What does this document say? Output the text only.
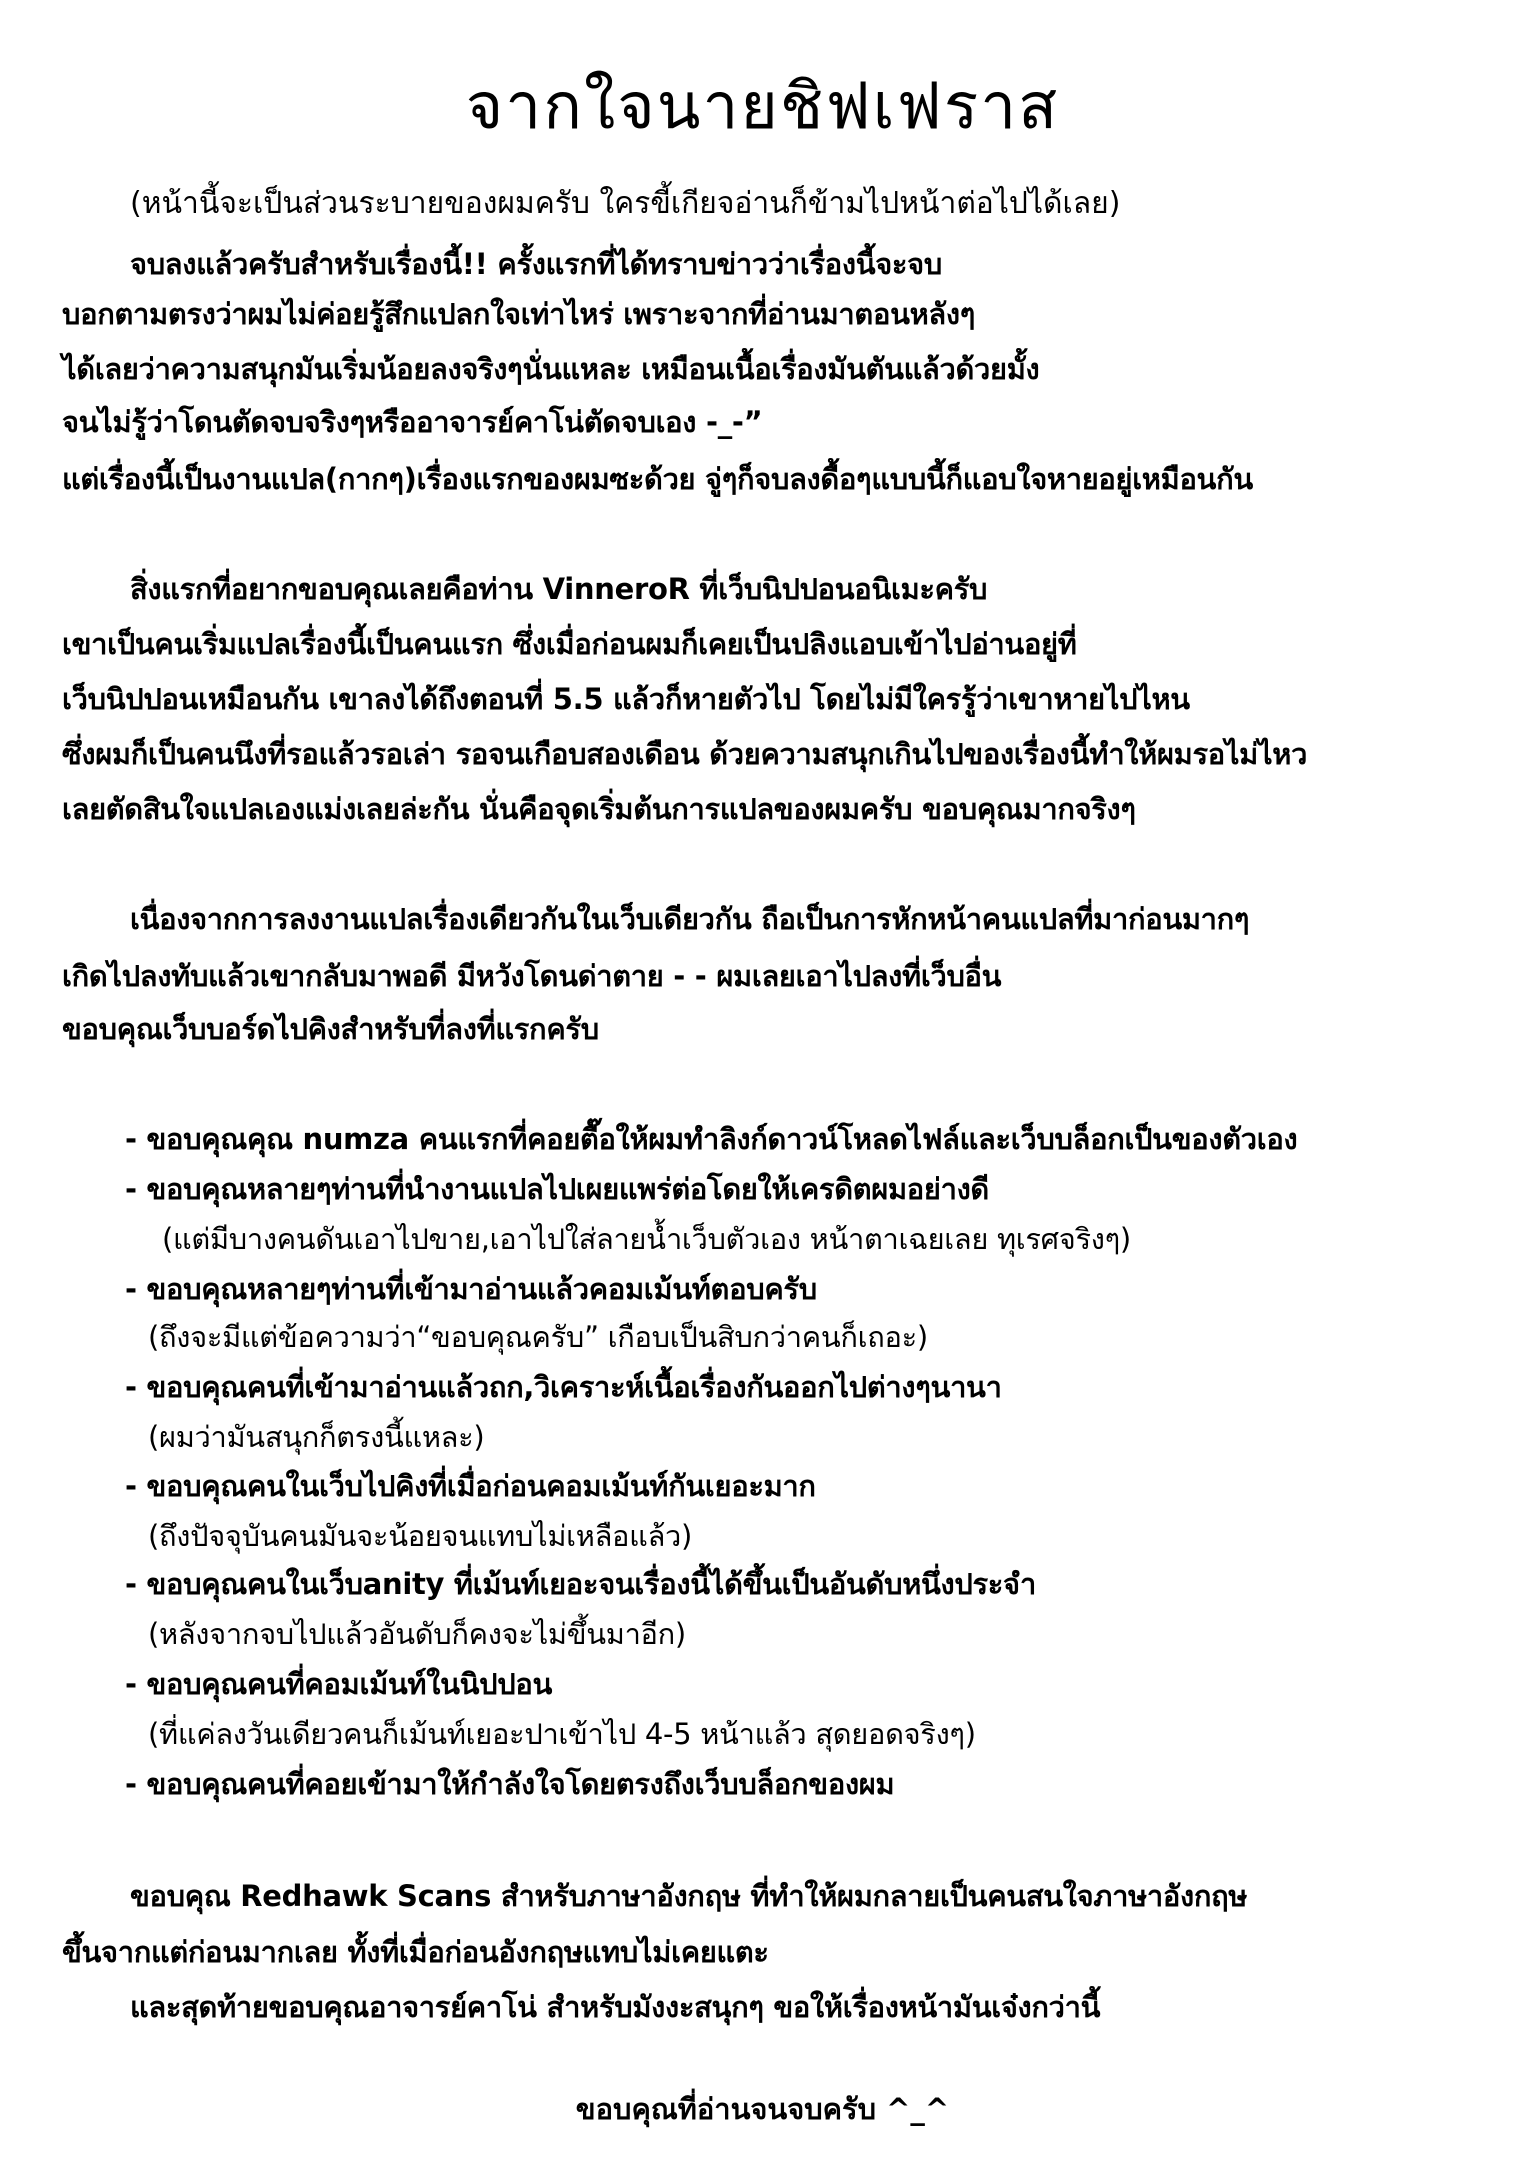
จากใจนายชิฟเฟราส
(หน้านี้จะเป็นส่วนระบายของผมครับ ใครขี้เกียจอ่านก็ข้ามไปหน้าต่อไปได้เลย)
จบลงแล้วครับสำหรับเรื่องนี้!! ครั้งแรกที่ได้ทราบข่าวว่าเรื่องนี้จะจบ
บอกตามตรงว่าผมไม่ค่อยรู้สึกแปลกใจเท่าไหร่ เพราะจากที่อ่านมาตอนหลังๆ
ได้เลยว่าความสนุกมันเริ่มน้อยลงจริงๆนั่นแหละ เหมือนเนื้อเรื่องมันตันแล้วด้วยมั้ง
จนไม่รู้ว่าโดนตัดจบจริงๆหรืออาจารย์คาโน่ตัดจบเอง -_-”
แต่เรื่องนี้เป็นงานแปล(กากๆ)เรื่องแรกของผมซะด้วย จู่ๆก็จบลงดื้อๆแบบนี้ก็แอบใจหายอยู่เหมือนกัน
สิ่งแรกที่อยากขอบคุณเลยคือท่าน VinneroR ที่เว็บนิปปอนอนิเมะครับ
เขาเป็นคนเริ่มแปลเรื่องนี้เป็นคนแรก ซึ่งเมื่อก่อนผมก็เคยเป็นปลิงแอบเข้าไปอ่านอยู่ที่
เว็บนิปปอนเหมือนกัน เขาลงได้ถึงตอนที่ 5.5 แล้วก็หายตัวไป โดยไม่มีใครรู้ว่าเขาหายไปไหน
ซึ่งผมก็เป็นคนนึงที่รอแล้วรอเล่า รอจนเกือบสองเดือน ด้วยความสนุกเกินไปของเรื่องนี้ทำให้ผมรอไม่ไหว
เลยตัดสินใจแปลเองแม่งเลยล่ะกัน นั่นคือจุดเริ่มต้นการแปลของผมครับ ขอบคุณมากจริงๆ
เนื่องจากการลงงานแปลเรื่องเดียวกันในเว็บเดียวกัน ถือเป็นการหักหน้าคนแปลที่มาก่อนมากๆ
เกิดไปลงทับแล้วเขากลับมาพอดี มีหวังโดนด่าตาย - - ผมเลยเอาไปลงที่เว็บอื่น
ขอบคุณเว็บบอร์ดไปคิงสำหรับที่ลงที่แรกครับ
- ขอบคุณคุณ numza คนแรกที่คอยตื๊อให้ผมทำลิงก์ดาวน์โหลดไฟล์และเว็บบล็อกเป็นของตัวเอง
- ขอบคุณหลายๆท่านที่นำงานแปลไปเผยแพร่ต่อโดยให้เครดิตผมอย่างดี
(แต่มีบางคนดันเอาไปขาย,เอาไปใส่ลายน้ำเว็บตัวเอง หน้าตาเฉยเลย ทุเรศจริงๆ)
- ขอบคุณหลายๆท่านที่เข้ามาอ่านแล้วคอมเม้นท์ตอบครับ
(ถึงจะมีแต่ข้อความว่า“ขอบคุณครับ” เกือบเป็นสิบกว่าคนก็เถอะ)
- ขอบคุณคนที่เข้ามาอ่านแล้วถก,วิเคราะห์เนื้อเรื่องกันออกไปต่างๆนานา
(ผมว่ามันสนุกก็ตรงนี้แหละ)
- ขอบคุณคนในเว็บไปคิงที่เมื่อก่อนคอมเม้นท์กันเยอะมาก
(ถึงปัจจุบันคนมันจะน้อยจนแทบไม่เหลือแล้ว)
- ขอบคุณคนในเว็บanity ที่เม้นท์เยอะจนเรื่องนี้ได้ขึ้นเป็นอันดับหนึ่งประจำ
(หลังจากจบไปแล้วอันดับก็คงจะไม่ขึ้นมาอีก)
- ขอบคุณคนที่คอมเม้นท์ในนิปปอน
(ที่แค่ลงวันเดียวคนก็เม้นท์เยอะปาเข้าไป 4-5 หน้าแล้ว สุดยอดจริงๆ)
- ขอบคุณคนที่คอยเข้ามาให้กำลังใจโดยตรงถึงเว็บบล็อกของผม
ขอบคุณ Redhawk Scans สำหรับภาษาอังกฤษ ที่ทำให้ผมกลายเป็นคนสนใจภาษาอังกฤษ
ขึ้นจากแต่ก่อนมากเลย ทั้งที่เมื่อก่อนอังกฤษแทบไม่เคยแตะ
และสุดท้ายขอบคุณอาจารย์คาโน่ สำหรับมังงะสนุกๆ ขอให้เรื่องหน้ามันเจ๋งกว่านี้
ขอบคุณที่อ่านจนจบครับ ^_^
